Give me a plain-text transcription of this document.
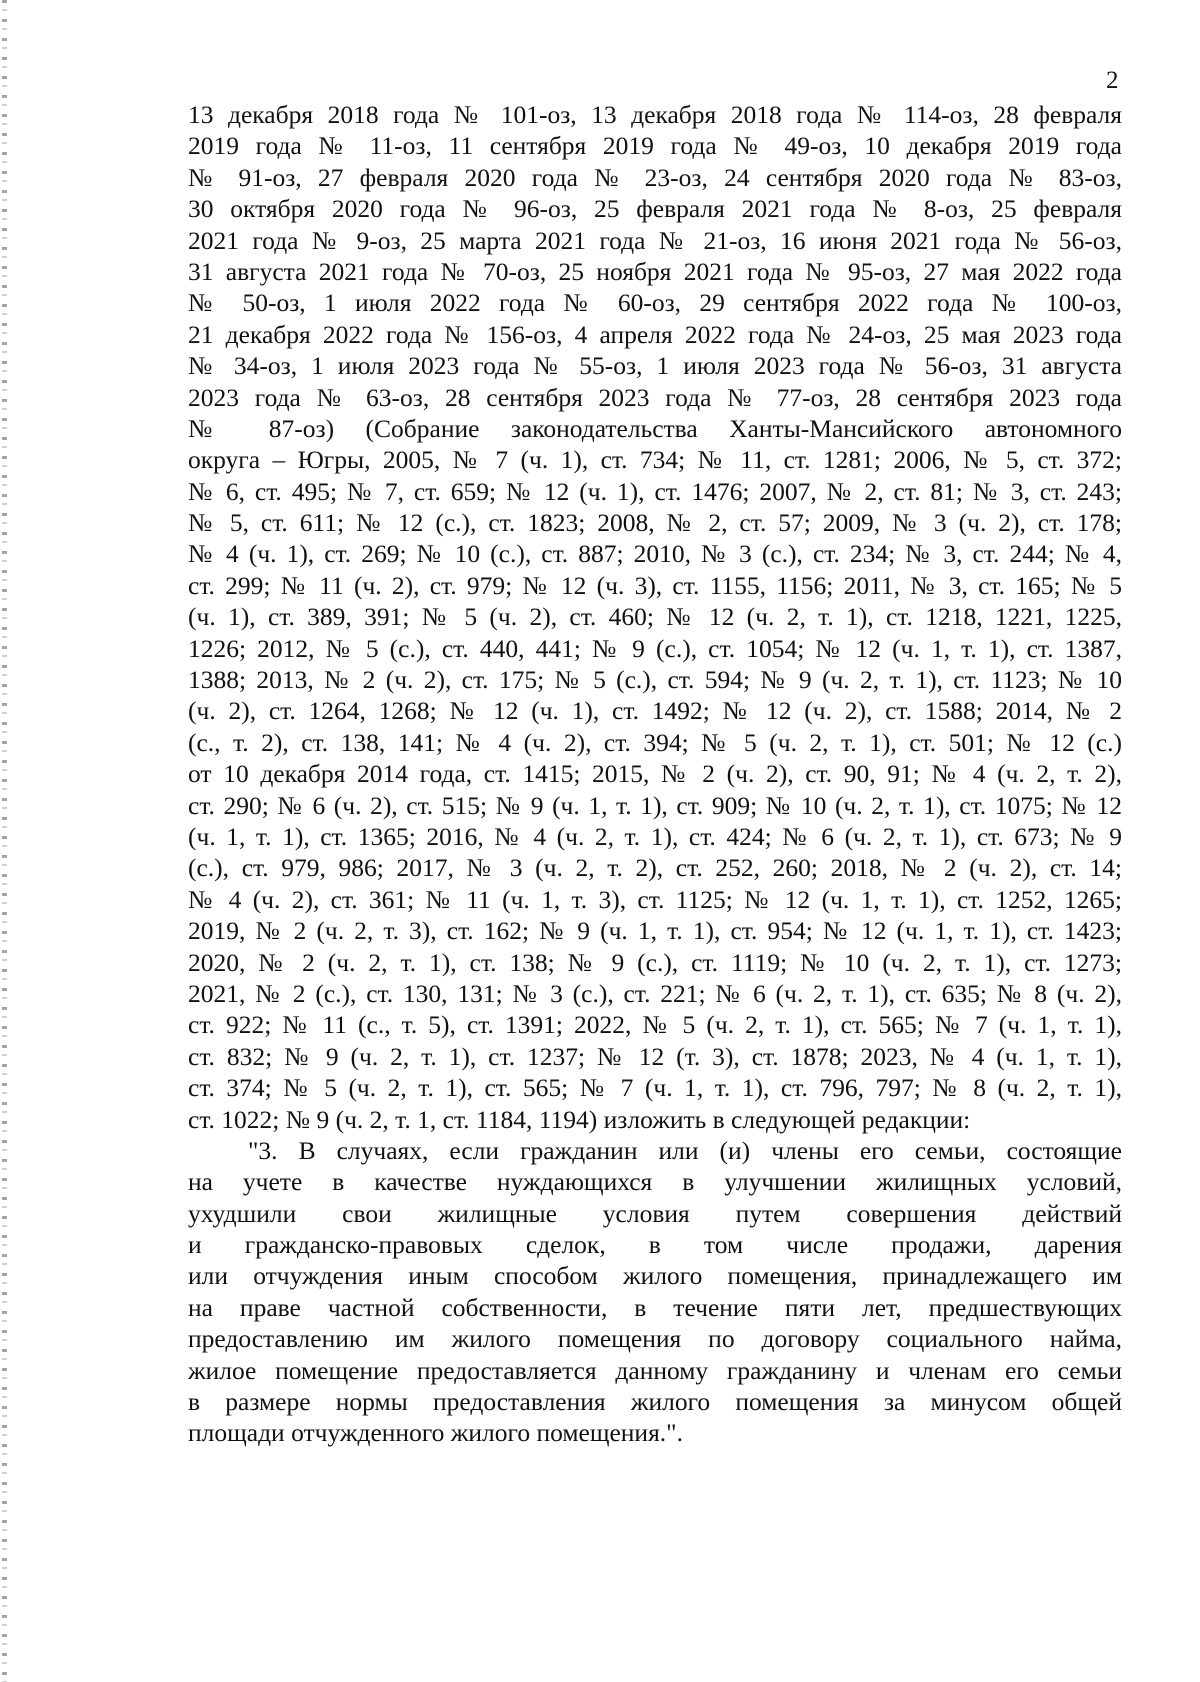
2
13 декабря 2018 года № 101-оз, 13 декабря 2018 года № 114-оз, 28 февраля
2019 года № 11-оз, 11 сентября 2019 года № 49-оз, 10 декабря 2019 года
№ 91-оз, 27 февраля 2020 года № 23-оз, 24 сентября 2020 года № 83-оз,
30 октября 2020 года № 96-оз, 25 февраля 2021 года № 8-оз, 25 февраля
2021 года № 9-оз, 25 марта 2021 года № 21-оз, 16 июня 2021 года № 56-оз,
31 августа 2021 года № 70-оз, 25 ноября 2021 года № 95-оз, 27 мая 2022 года
№ 50-оз, 1 июля 2022 года № 60-оз, 29 сентября 2022 года № 100-оз,
21 декабря 2022 года № 156-оз, 4 апреля 2022 года № 24-оз, 25 мая 2023 года
№ 34-оз, 1 июля 2023 года № 55-оз, 1 июля 2023 года № 56-оз, 31 августа
2023 года № 63-оз, 28 сентября 2023 года № 77-оз, 28 сентября 2023 года
№ 87-оз) (Собрание законодательства Ханты-Мансийского автономного
округа – Югры, 2005, № 7 (ч. 1), ст. 734; № 11, ст. 1281; 2006, № 5, ст. 372;
№ 6, ст. 495; № 7, ст. 659; № 12 (ч. 1), ст. 1476; 2007, № 2, ст. 81; № 3, ст. 243;
№ 5, ст. 611; № 12 (с.), ст. 1823; 2008, № 2, ст. 57; 2009, № 3 (ч. 2), ст. 178;
№ 4 (ч. 1), ст. 269; № 10 (с.), ст. 887; 2010, № 3 (с.), ст. 234; № 3, ст. 244; № 4,
ст. 299; № 11 (ч. 2), ст. 979; № 12 (ч. 3), ст. 1155, 1156; 2011, № 3, ст. 165; № 5
(ч. 1), ст. 389, 391; № 5 (ч. 2), ст. 460; № 12 (ч. 2, т. 1), ст. 1218, 1221, 1225,
1226; 2012, № 5 (с.), ст. 440, 441; № 9 (с.), ст. 1054; № 12 (ч. 1, т. 1), ст. 1387,
1388; 2013, № 2 (ч. 2), ст. 175; № 5 (с.), ст. 594; № 9 (ч. 2, т. 1), ст. 1123; № 10
(ч. 2), ст. 1264, 1268; № 12 (ч. 1), ст. 1492; № 12 (ч. 2), ст. 1588; 2014, № 2
(с., т. 2), ст. 138, 141; № 4 (ч. 2), ст. 394; № 5 (ч. 2, т. 1), ст. 501; № 12 (с.)
от 10 декабря 2014 года, ст. 1415; 2015, № 2 (ч. 2), ст. 90, 91; № 4 (ч. 2, т. 2),
ст. 290; № 6 (ч. 2), ст. 515; № 9 (ч. 1, т. 1), ст. 909; № 10 (ч. 2, т. 1), ст. 1075; № 12
(ч. 1, т. 1), ст. 1365; 2016, № 4 (ч. 2, т. 1), ст. 424; № 6 (ч. 2, т. 1), ст. 673; № 9
(с.), ст. 979, 986; 2017, № 3 (ч. 2, т. 2), ст. 252, 260; 2018, № 2 (ч. 2), ст. 14;
№ 4 (ч. 2), ст. 361; № 11 (ч. 1, т. 3), ст. 1125; № 12 (ч. 1, т. 1), ст. 1252, 1265;
2019, № 2 (ч. 2, т. 3), ст. 162; № 9 (ч. 1, т. 1), ст. 954; № 12 (ч. 1, т. 1), ст. 1423;
2020, № 2 (ч. 2, т. 1), ст. 138; № 9 (с.), ст. 1119; № 10 (ч. 2, т. 1), ст. 1273;
2021, № 2 (с.), ст. 130, 131; № 3 (с.), ст. 221; № 6 (ч. 2, т. 1), ст. 635; № 8 (ч. 2),
ст. 922; № 11 (с., т. 5), ст. 1391; 2022, № 5 (ч. 2, т. 1), ст. 565; № 7 (ч. 1, т. 1),
ст. 832; № 9 (ч. 2, т. 1), ст. 1237; № 12 (т. 3), ст. 1878; 2023, № 4 (ч. 1, т. 1),
ст. 374; № 5 (ч. 2, т. 1), ст. 565; № 7 (ч. 1, т. 1), ст. 796, 797; № 8 (ч. 2, т. 1),
ст. 1022; № 9 (ч. 2, т. 1, ст. 1184, 1194) изложить в следующей редакции:
"3. В случаях, если гражданин или (и) члены его семьи, состоящие
на учете в качестве нуждающихся в улучшении жилищных условий,
ухудшили свои жилищные условия путем совершения действий
и гражданско-правовых сделок, в том числе продажи, дарения
или отчуждения иным способом жилого помещения, принадлежащего им
на праве частной собственности, в течение пяти лет, предшествующих
предоставлению им жилого помещения по договору социального найма,
жилое помещение предоставляется данному гражданину и членам его семьи
в размере нормы предоставления жилого помещения за минусом общей
площади отчужденного жилого помещения.".
